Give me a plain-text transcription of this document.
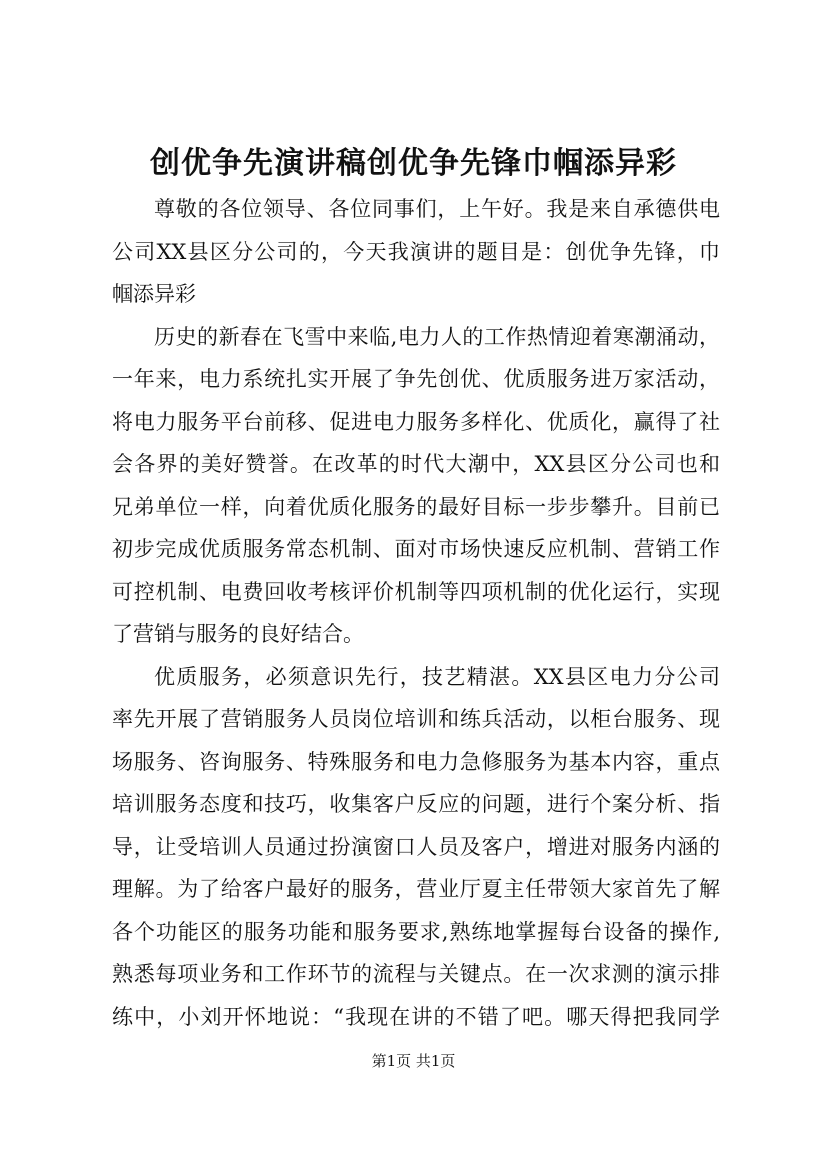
创优争先演讲稿创优争先锋巾帼添异彩
尊敬的各位领导、各位同事们，上午好。我是来自承德供电
公司XX县区分公司的，今天我演讲的题目是：创优争先锋，巾
帼添异彩
历史的新春在飞雪中来临,电力人的工作热情迎着寒潮涌动，
一年来，电力系统扎实开展了争先创优、优质服务进万家活动，
将电力服务平台前移、促进电力服务多样化、优质化，赢得了社
会各界的美好赞誉。在改革的时代大潮中，XX县区分公司也和
兄弟单位一样，向着优质化服务的最好目标一步步攀升。目前已
初步完成优质服务常态机制、面对市场快速反应机制、营销工作
可控机制、电费回收考核评价机制等四项机制的优化运行，实现
了营销与服务的良好结合。
优质服务，必须意识先行，技艺精湛。XX县区电力分公司
率先开展了营销服务人员岗位培训和练兵活动，以柜台服务、现
场服务、咨询服务、特殊服务和电力急修服务为基本内容，重点
培训服务态度和技巧，收集客户反应的问题，进行个案分析、指
导，让受培训人员通过扮演窗口人员及客户，增进对服务内涵的
理解。为了给客户最好的服务，营业厅夏主任带领大家首先了解
各个功能区的服务功能和服务要求,熟练地掌握每台设备的操作,
熟悉每项业务和工作环节的流程与关键点。在一次求测的演示排
练中，小刘开怀地说：“我现在讲的不错了吧。哪天得把我同学
第1页 共1页
